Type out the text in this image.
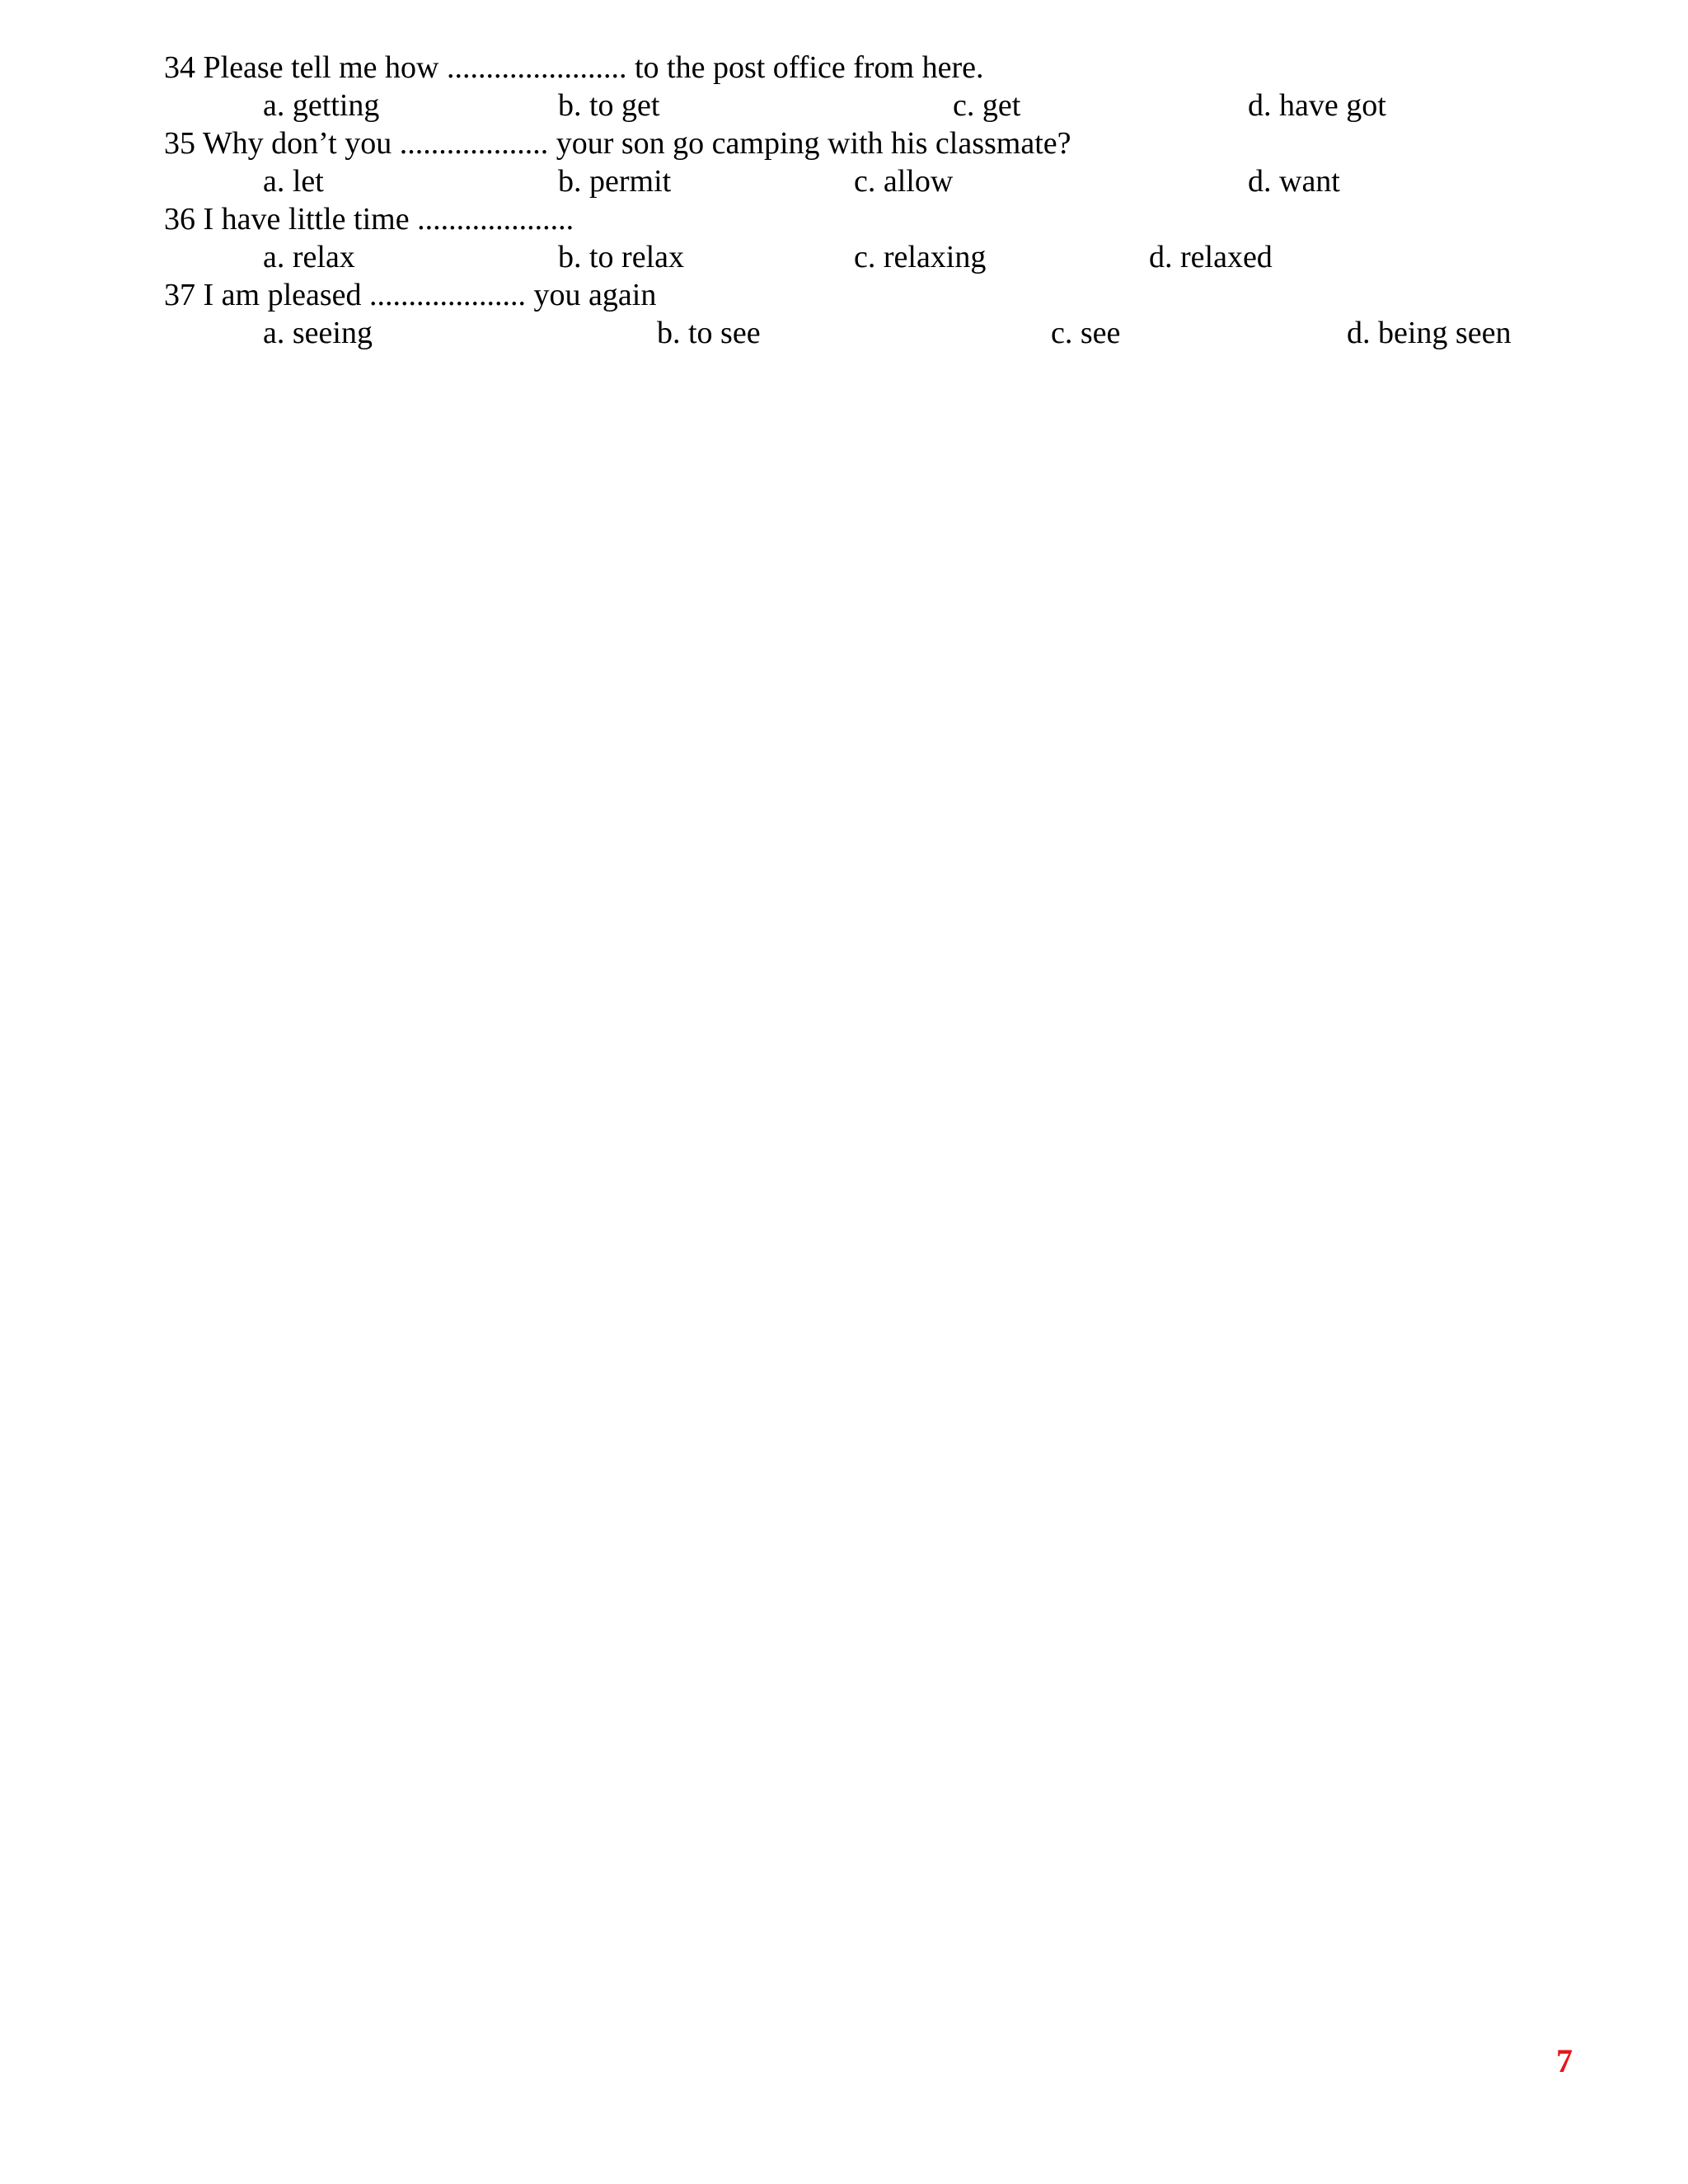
34 Please tell me how ....................... to the post office from here.
a. getting	b. to get	c. get	d. have got
35 Why don’t you ................... your son go camping with his classmate?
a. let	b. permit	c. allow	d. want
36 I have little time ....................
a. relax	b. to relax	c. relaxing	d. relaxed
37 I am pleased .................... you again
a. seeing	b. to see	c. see	d. being seen
7
